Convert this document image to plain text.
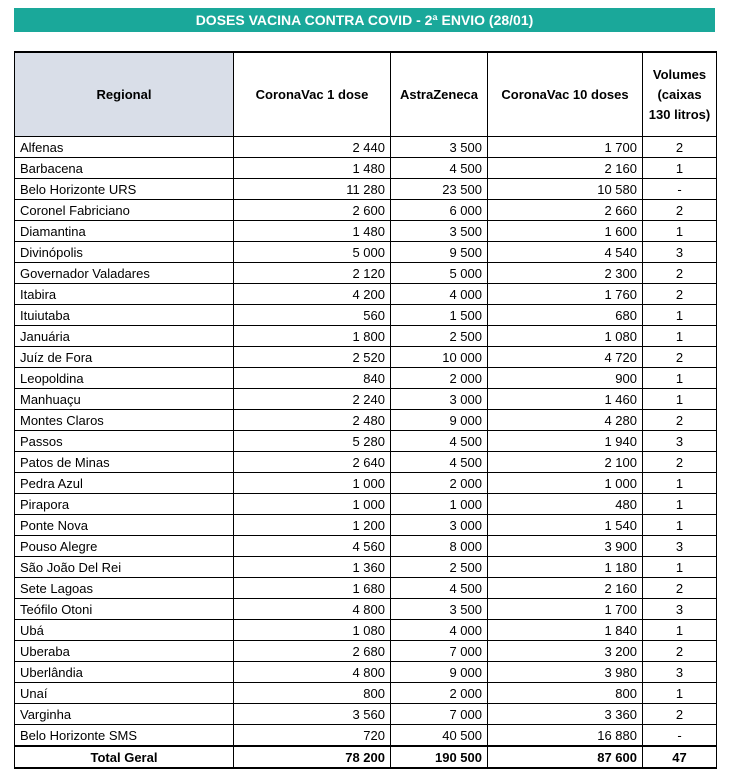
DOSES VACINA CONTRA COVID - 2ª ENVIO (28/01)
Regional	CoronaVac 1 dose	AstraZeneca	CoronaVac 10 doses	Volumes (caixas 130 litros)
Alfenas	2 440	3 500	1 700	2
Barbacena	1 480	4 500	2 160	1
Belo Horizonte URS	11 280	23 500	10 580	-
Coronel Fabriciano	2 600	6 000	2 660	2
Diamantina	1 480	3 500	1 600	1
Divinópolis	5 000	9 500	4 540	3
Governador Valadares	2 120	5 000	2 300	2
Itabira	4 200	4 000	1 760	2
Ituiutaba	560	1 500	680	1
Januária	1 800	2 500	1 080	1
Juíz de Fora	2 520	10 000	4 720	2
Leopoldina	840	2 000	900	1
Manhuaçu	2 240	3 000	1 460	1
Montes Claros	2 480	9 000	4 280	2
Passos	5 280	4 500	1 940	3
Patos de Minas	2 640	4 500	2 100	2
Pedra Azul	1 000	2 000	1 000	1
Pirapora	1 000	1 000	480	1
Ponte Nova	1 200	3 000	1 540	1
Pouso Alegre	4 560	8 000	3 900	3
São João Del Rei	1 360	2 500	1 180	1
Sete Lagoas	1 680	4 500	2 160	2
Teófilo Otoni	4 800	3 500	1 700	3
Ubá	1 080	4 000	1 840	1
Uberaba	2 680	7 000	3 200	2
Uberlândia	4 800	9 000	3 980	3
Unaí	800	2 000	800	1
Varginha	3 560	7 000	3 360	2
Belo Horizonte SMS	720	40 500	16 880	-
Total Geral	78 200	190 500	87 600	47
